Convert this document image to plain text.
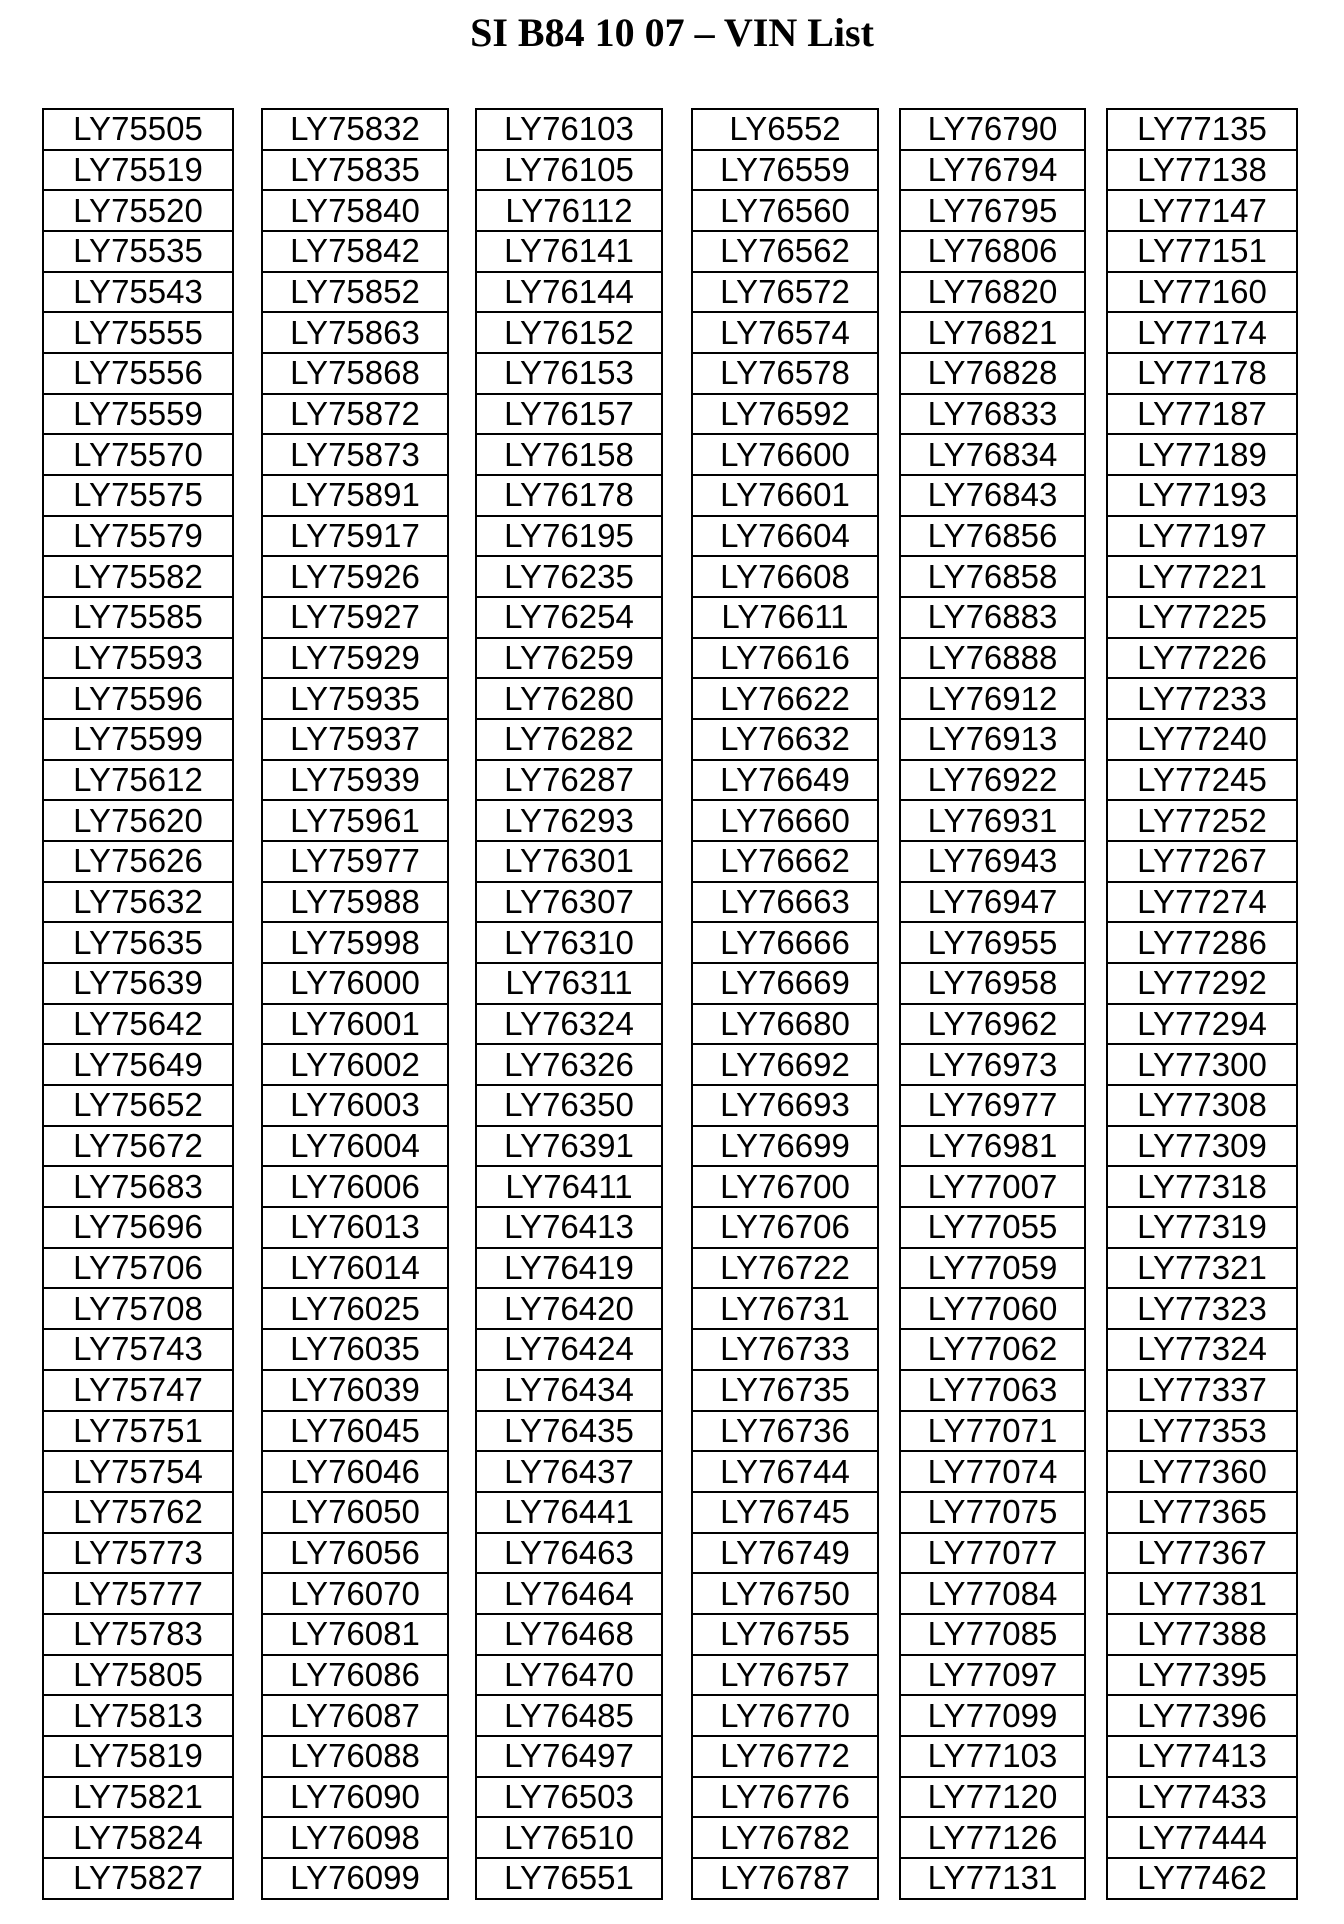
SI B84 10 07 – VIN List
LY75505		LY75832		LY76103		LY6552		LY76790		LY77135
LY75519		LY75835		LY76105		LY76559		LY76794		LY77138
LY75520		LY75840		LY76112		LY76560		LY76795		LY77147
LY75535		LY75842		LY76141		LY76562		LY76806		LY77151
LY75543		LY75852		LY76144		LY76572		LY76820		LY77160
LY75555		LY75863		LY76152		LY76574		LY76821		LY77174
LY75556		LY75868		LY76153		LY76578		LY76828		LY77178
LY75559		LY75872		LY76157		LY76592		LY76833		LY77187
LY75570		LY75873		LY76158		LY76600		LY76834		LY77189
LY75575		LY75891		LY76178		LY76601		LY76843		LY77193
LY75579		LY75917		LY76195		LY76604		LY76856		LY77197
LY75582		LY75926		LY76235		LY76608		LY76858		LY77221
LY75585		LY75927		LY76254		LY76611		LY76883		LY77225
LY75593		LY75929		LY76259		LY76616		LY76888		LY77226
LY75596		LY75935		LY76280		LY76622		LY76912		LY77233
LY75599		LY75937		LY76282		LY76632		LY76913		LY77240
LY75612		LY75939		LY76287		LY76649		LY76922		LY77245
LY75620		LY75961		LY76293		LY76660		LY76931		LY77252
LY75626		LY75977		LY76301		LY76662		LY76943		LY77267
LY75632		LY75988		LY76307		LY76663		LY76947		LY77274
LY75635		LY75998		LY76310		LY76666		LY76955		LY77286
LY75639		LY76000		LY76311		LY76669		LY76958		LY77292
LY75642		LY76001		LY76324		LY76680		LY76962		LY77294
LY75649		LY76002		LY76326		LY76692		LY76973		LY77300
LY75652		LY76003		LY76350		LY76693		LY76977		LY77308
LY75672		LY76004		LY76391		LY76699		LY76981		LY77309
LY75683		LY76006		LY76411		LY76700		LY77007		LY77318
LY75696		LY76013		LY76413		LY76706		LY77055		LY77319
LY75706		LY76014		LY76419		LY76722		LY77059		LY77321
LY75708		LY76025		LY76420		LY76731		LY77060		LY77323
LY75743		LY76035		LY76424		LY76733		LY77062		LY77324
LY75747		LY76039		LY76434		LY76735		LY77063		LY77337
LY75751		LY76045		LY76435		LY76736		LY77071		LY77353
LY75754		LY76046		LY76437		LY76744		LY77074		LY77360
LY75762		LY76050		LY76441		LY76745		LY77075		LY77365
LY75773		LY76056		LY76463		LY76749		LY77077		LY77367
LY75777		LY76070		LY76464		LY76750		LY77084		LY77381
LY75783		LY76081		LY76468		LY76755		LY77085		LY77388
LY75805		LY76086		LY76470		LY76757		LY77097		LY77395
LY75813		LY76087		LY76485		LY76770		LY77099		LY77396
LY75819		LY76088		LY76497		LY76772		LY77103		LY77413
LY75821		LY76090		LY76503		LY76776		LY77120		LY77433
LY75824		LY76098		LY76510		LY76782		LY77126		LY77444
LY75827		LY76099		LY76551		LY76787		LY77131		LY77462
